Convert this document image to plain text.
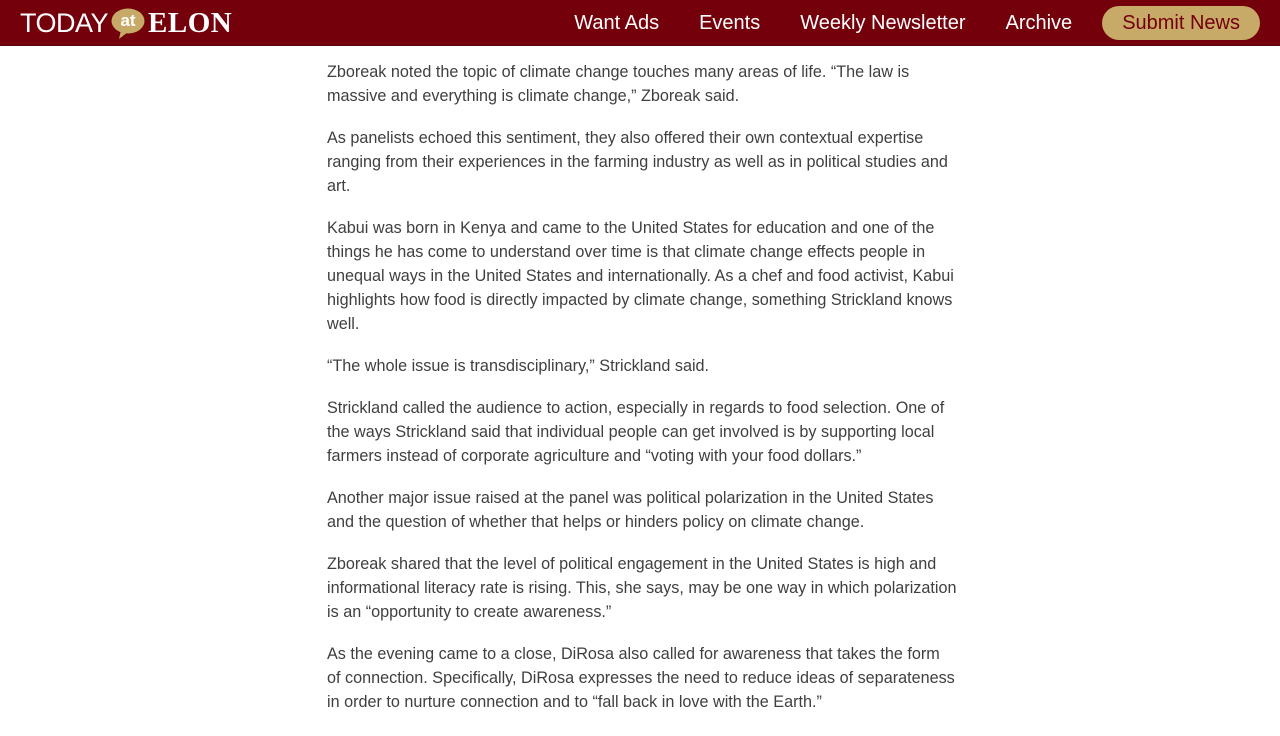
TODAY at ELON	Want Ads	Events	Weekly Newsletter	Archive	Submit News

Zboreak noted the topic of climate change touches many areas of life. “The law is massive and everything is climate change,” Zboreak said.

As panelists echoed this sentiment, they also offered their own contextual expertise ranging from their experiences in the farming industry as well as in political studies and art.

Kabui was born in Kenya and came to the United States for education and one of the things he has come to understand over time is that climate change effects people in unequal ways in the United States and internationally. As a chef and food activist, Kabui highlights how food is directly impacted by climate change, something Strickland knows well.

“The whole issue is transdisciplinary,” Strickland said.

Strickland called the audience to action, especially in regards to food selection. One of the ways Strickland said that individual people can get involved is by supporting local farmers instead of corporate agriculture and “voting with your food dollars.”

Another major issue raised at the panel was political polarization in the United States and the question of whether that helps or hinders policy on climate change.

Zboreak shared that the level of political engagement in the United States is high and informational literacy rate is rising. This, she says, may be one way in which polarization is an “opportunity to create awareness.”

As the evening came to a close, DiRosa also called for awareness that takes the form of connection. Specifically, DiRosa expresses the need to reduce ideas of separateness in order to nurture connection and to “fall back in love with the Earth.”
